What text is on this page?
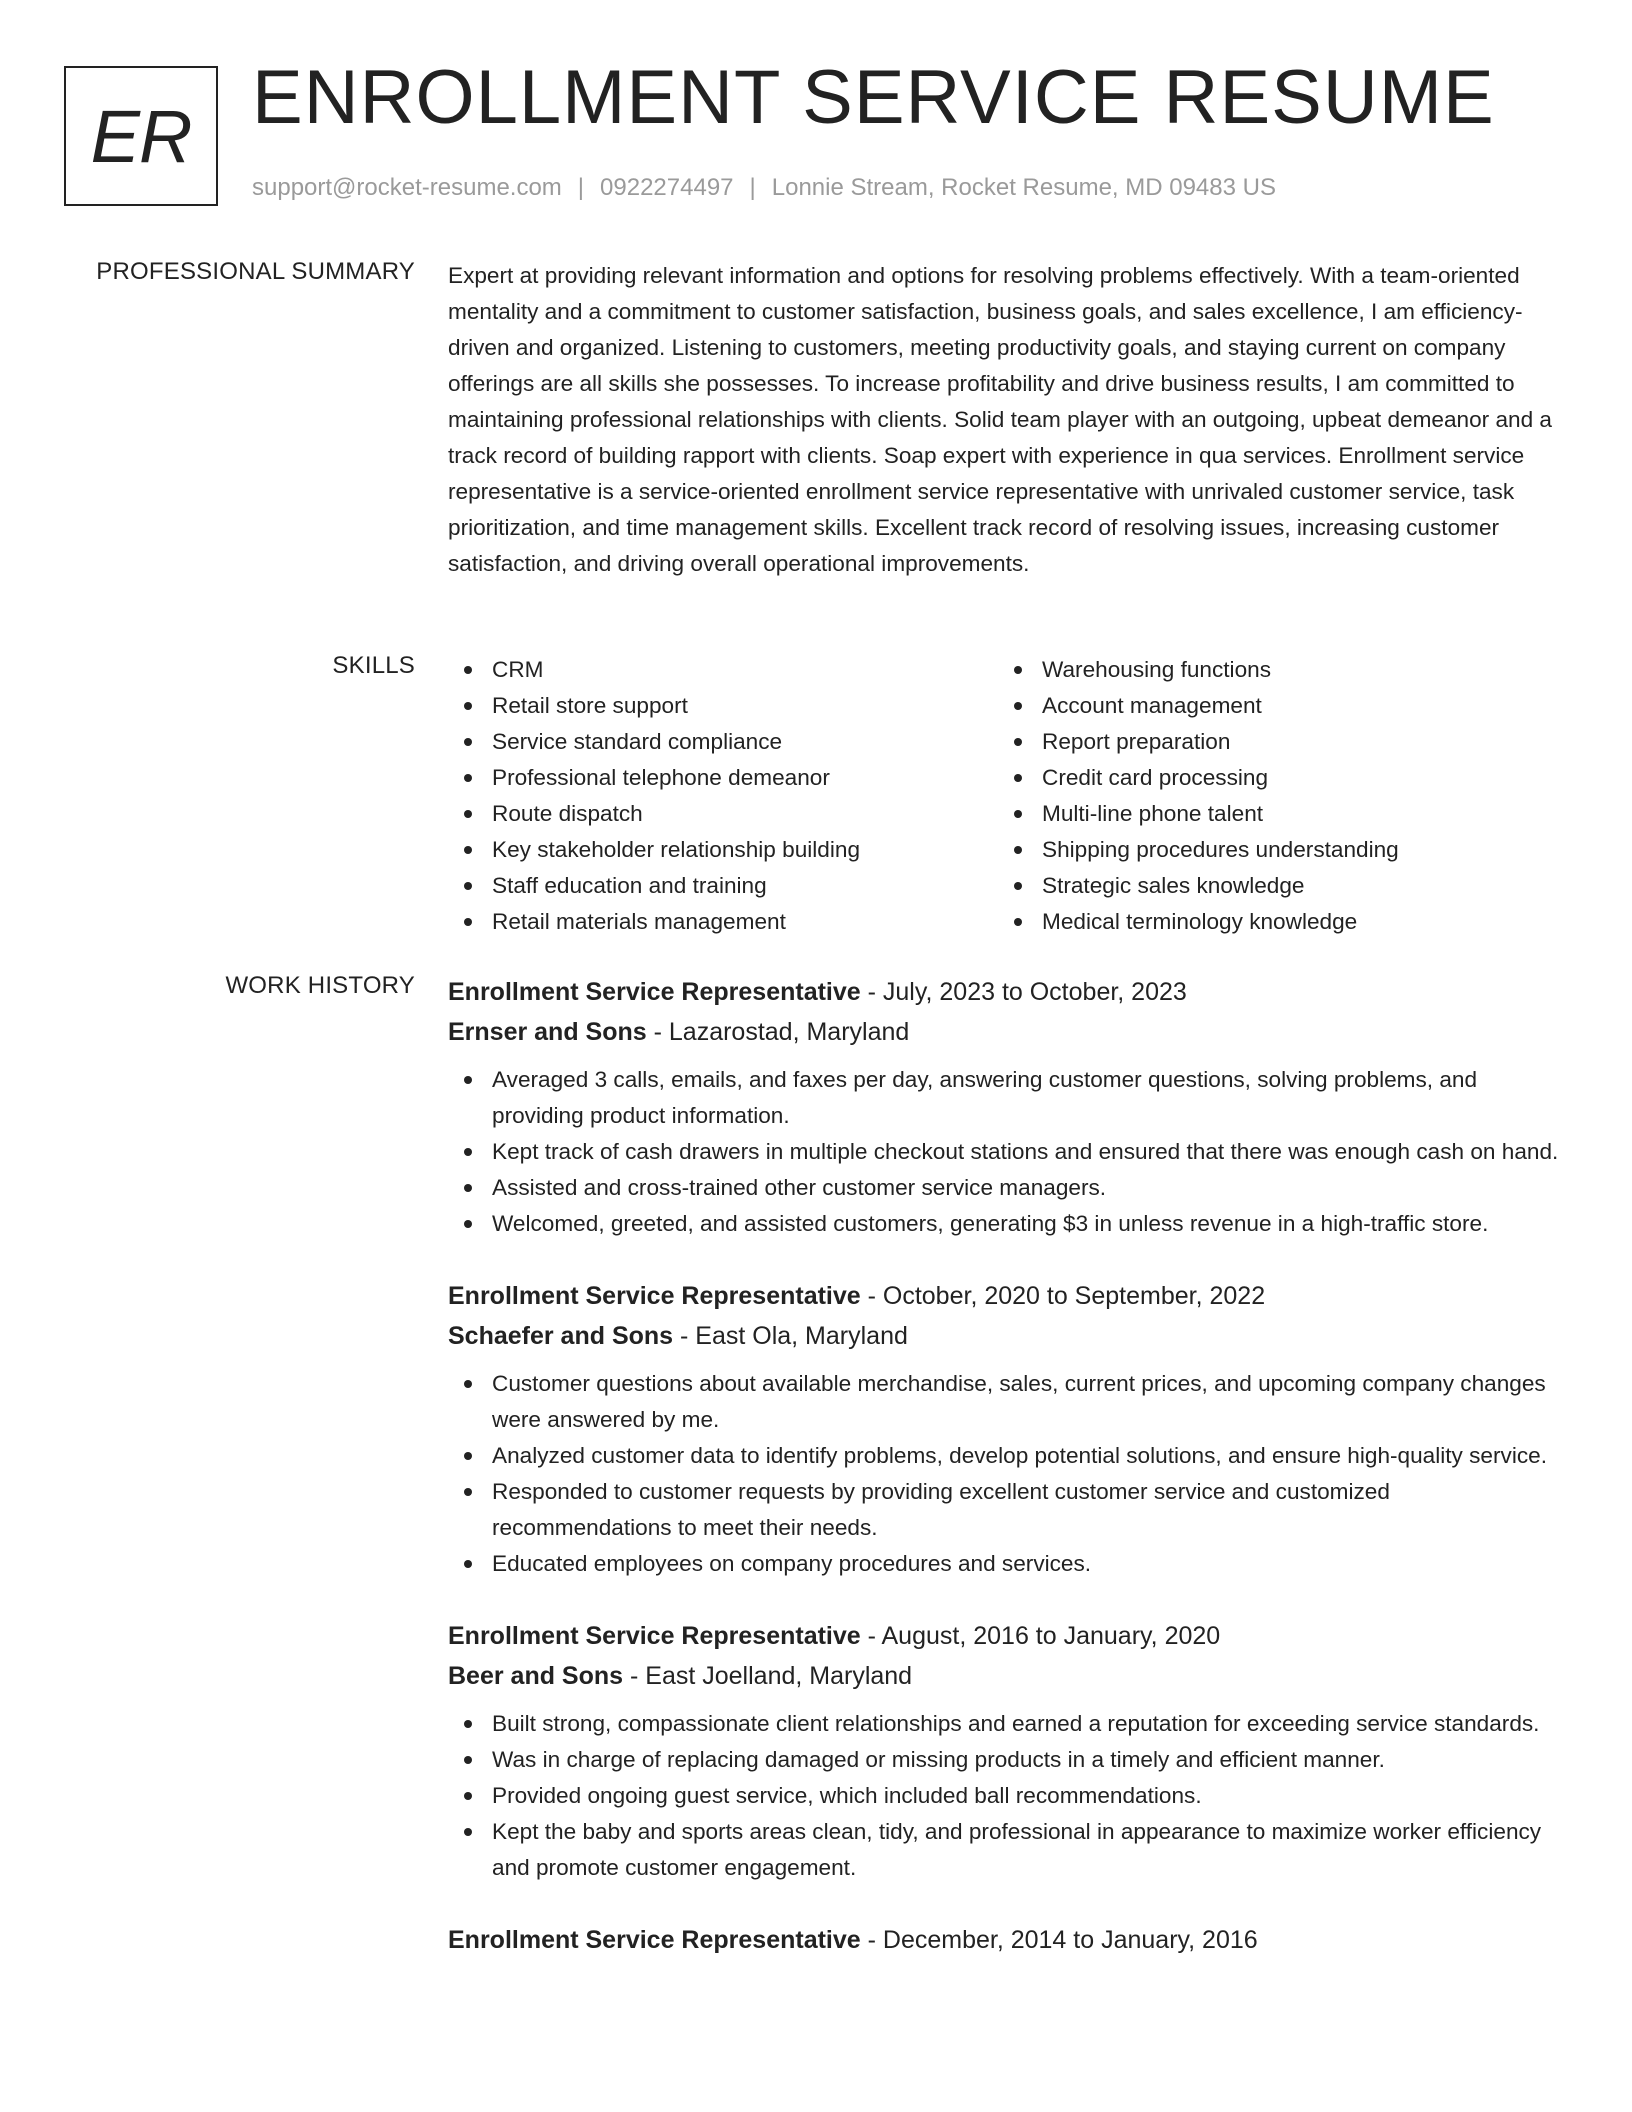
ER ENROLLMENT SERVICE RESUME
support@rocket-resume.com | 0922274497 | Lonnie Stream, Rocket Resume, MD 09483 US
PROFESSIONAL SUMMARY Expert at providing relevant information and options for resolving problems effectively. With a team-oriented mentality and a commitment to customer satisfaction, business goals, and sales excellence, I am efficiency-driven and organized. Listening to customers, meeting productivity goals, and staying current on company offerings are all skills she possesses. To increase profitability and drive business results, I am committed to maintaining professional relationships with clients. Solid team player with an outgoing, upbeat demeanor and a track record of building rapport with clients. Soap expert with experience in qua services. Enrollment service representative is a service-oriented enrollment service representative with unrivaled customer service, task prioritization, and time management skills. Excellent track record of resolving issues, increasing customer satisfaction, and driving overall operational improvements.

SKILLS	CRM
Retail store support
Service standard compliance
Professional telephone demeanor
Route dispatch
Key stakeholder relationship building
Staff education and training
Retail materials management
Warehousing functions
Account management
Report preparation
Credit card processing
Multi-line phone talent
Shipping procedures understanding
Strategic sales knowledge
Medical terminology knowledge
WORK HISTORY Enrollment Service Representative - July, 2023 to October, 2023
Ernser and Sons - Lazarostad, Maryland
Averaged 3 calls, emails, and faxes per day, answering customer questions, solving problems, and providing product information.
Kept track of cash drawers in multiple checkout stations and ensured that there was enough cash on hand.
Assisted and cross-trained other customer service managers.
Welcomed, greeted, and assisted customers, generating $3 in unless revenue in a high-traffic store.
Enrollment Service Representative - October, 2020 to September, 2022
Schaefer and Sons - East Ola, Maryland
Customer questions about available merchandise, sales, current prices, and upcoming company changes were answered by me.
Analyzed customer data to identify problems, develop potential solutions, and ensure high-quality service.
Responded to customer requests by providing excellent customer service and customized recommendations to meet their needs.
Educated employees on company procedures and services.
Enrollment Service Representative - August, 2016 to January, 2020
Beer and Sons - East Joelland, Maryland
Built strong, compassionate client relationships and earned a reputation for exceeding service standards.
Was in charge of replacing damaged or missing products in a timely and efficient manner.
Provided ongoing guest service, which included ball recommendations.
Kept the baby and sports areas clean, tidy, and professional in appearance to maximize worker efficiency and promote customer engagement.
Enrollment Service Representative - December, 2014 to January, 2016
